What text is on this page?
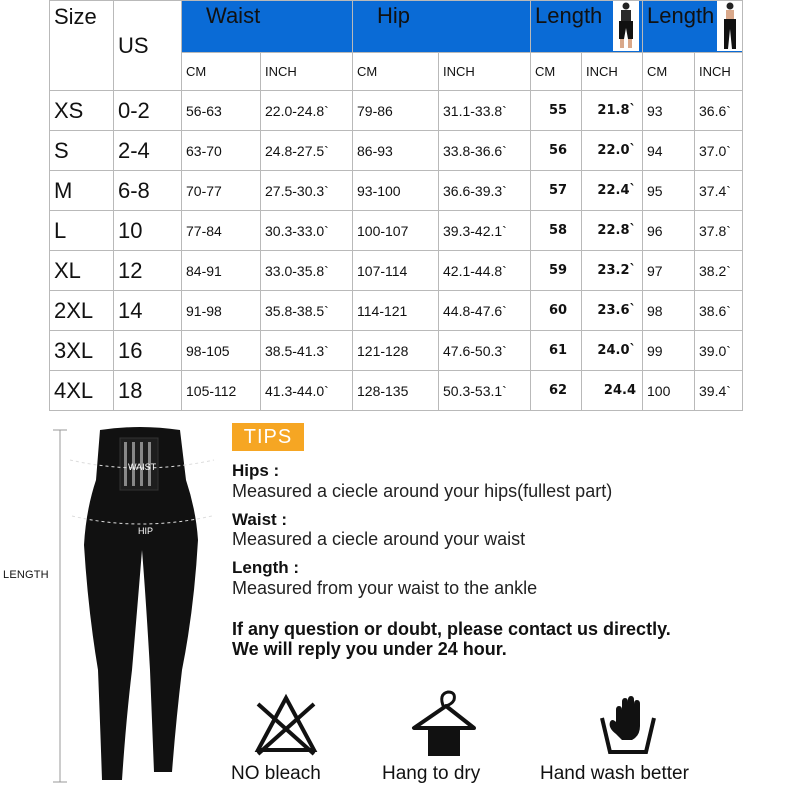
Size	US	Waist		Hip		Length		Length	

		CM	INCH	CM	INCH	CM	INCH	CM	INCH
XS	0-2	56-63	22.0-24.8`	79-86	31.1-33.8`	55	21.8`	93	36.6`
S	2-4	63-70	24.8-27.5`	86-93	33.8-36.6`	56	22.0`	94	37.0`
M	6-8	70-77	27.5-30.3`	93-100	36.6-39.3`	57	22.4`	95	37.4`
L	10	77-84	30.3-33.0`	100-107	39.3-42.1`	58	22.8`	96	37.8`
XL	12	84-91	33.0-35.8`	107-114	42.1-44.8`	59	23.2`	97	38.2`
2XL	14	91-98	35.8-38.5`	114-121	44.8-47.6`	60	23.6`	98	38.6`
3XL	16	98-105	38.5-41.3`	121-128	47.6-50.3`	61	24.0`	99	39.0`
4XL	18	105-112	41.3-44.0`	128-135	50.3-53.1`	62	24.4	100	39.4`
WAIST
HIP
LENGTH
TIPS
Hips :
Measured a ciecle around your hips(fullest part)
Waist :
Measured a ciecle around your waist
Length :
Measured from your waist to the ankle
If any question or doubt, please contact us directly.
We will reply you under 24 hour.
NO bleach	Hang to dry	Hand wash better
